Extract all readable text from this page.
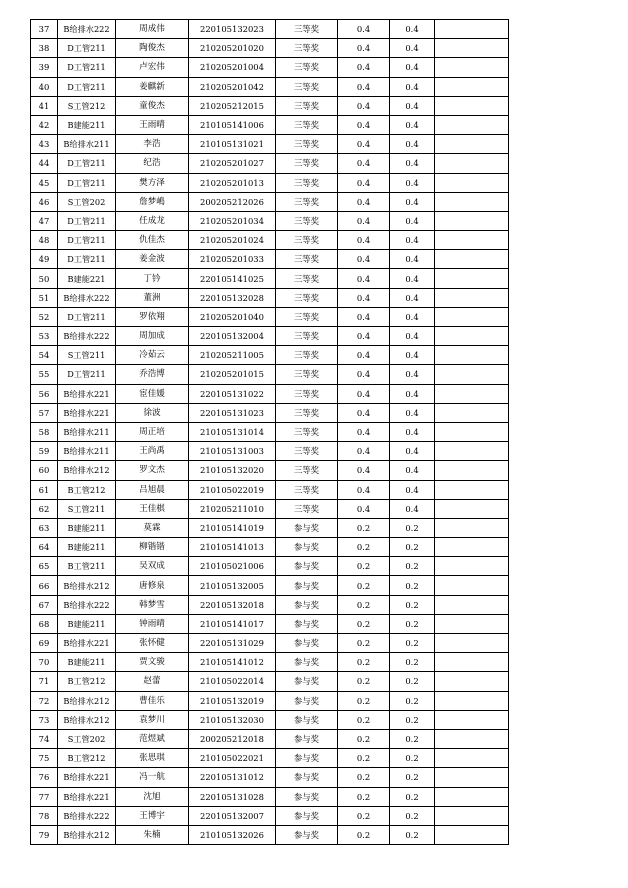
37	B给排水222	周成伟	220105132023	三等奖	0.4	0.4	
38	D工管211	陶俊杰	210205201020	三等奖	0.4	0.4	
39	D工管211	卢宏伟	210205201004	三等奖	0.4	0.4	
40	D工管211	姜麒新	210205201042	三等奖	0.4	0.4	
41	S工管212	童俊杰	210205212015	三等奖	0.4	0.4	
42	B建能211	王雨晴	210105141006	三等奖	0.4	0.4	
43	B给排水211	李浩	210105131021	三等奖	0.4	0.4	
44	D工管211	纪浩	210205201027	三等奖	0.4	0.4	
45	D工管211	樊方泽	210205201013	三等奖	0.4	0.4	
46	S工管202	詹梦嶋	200205212026	三等奖	0.4	0.4	
47	D工管211	任成龙	210205201034	三等奖	0.4	0.4	
48	D工管211	仇佳杰	210205201024	三等奖	0.4	0.4	
49	D工管211	姜金波	210205201033	三等奖	0.4	0.4	
50	B建能221	丁钤	220105141025	三等奖	0.4	0.4	
51	B给排水222	董洲	220105132028	三等奖	0.4	0.4	
52	D工管211	罗依翔	210205201040	三等奖	0.4	0.4	
53	B给排水222	周加成	220105132004	三等奖	0.4	0.4	
54	S工管211	冷茹云	210205211005	三等奖	0.4	0.4	
55	D工管211	乔浩博	210205201015	三等奖	0.4	0.4	
56	B给排水221	宦佳媛	220105131022	三等奖	0.4	0.4	
57	B给排水221	徐波	220105131023	三等奖	0.4	0.4	
58	B给排水211	周正培	210105131014	三等奖	0.4	0.4	
59	B给排水211	王尚禹	210105131003	三等奖	0.4	0.4	
60	B给排水212	罗文杰	210105132020	三等奖	0.4	0.4	
61	B工管212	吕旭晨	210105022019	三等奖	0.4	0.4	
62	S工管211	王佳棋	210205211010	三等奖	0.4	0.4	
63	B建能211	莫霖	210105141019	参与奖	0.2	0.2	
64	B建能211	柳锴锴	210105141013	参与奖	0.2	0.2	
65	B工管211	吴双成	210105021006	参与奖	0.2	0.2	
66	B给排水212	唐修泉	210105132005	参与奖	0.2	0.2	
67	B给排水222	韩梦雪	220105132018	参与奖	0.2	0.2	
68	B建能211	钟雨晴	210105141017	参与奖	0.2	0.2	
69	B给排水221	张怀健	220105131029	参与奖	0.2	0.2	
70	B建能211	贾文骏	210105141012	参与奖	0.2	0.2	
71	B工管212	赵蕾	210105022014	参与奖	0.2	0.2	
72	B给排水212	曹佳乐	210105132019	参与奖	0.2	0.2	
73	B给排水212	袁梦川	210105132030	参与奖	0.2	0.2	
74	S工管202	范煜斌	200205212018	参与奖	0.2	0.2	
75	B工管212	张思琪	210105022021	参与奖	0.2	0.2	
76	B给排水221	冯一航	220105131012	参与奖	0.2	0.2	
77	B给排水221	沈旭	220105131028	参与奖	0.2	0.2	
78	B给排水222	王博宇	220105132007	参与奖	0.2	0.2	
79	B给排水212	朱楠	210105132026	参与奖	0.2	0.2	
